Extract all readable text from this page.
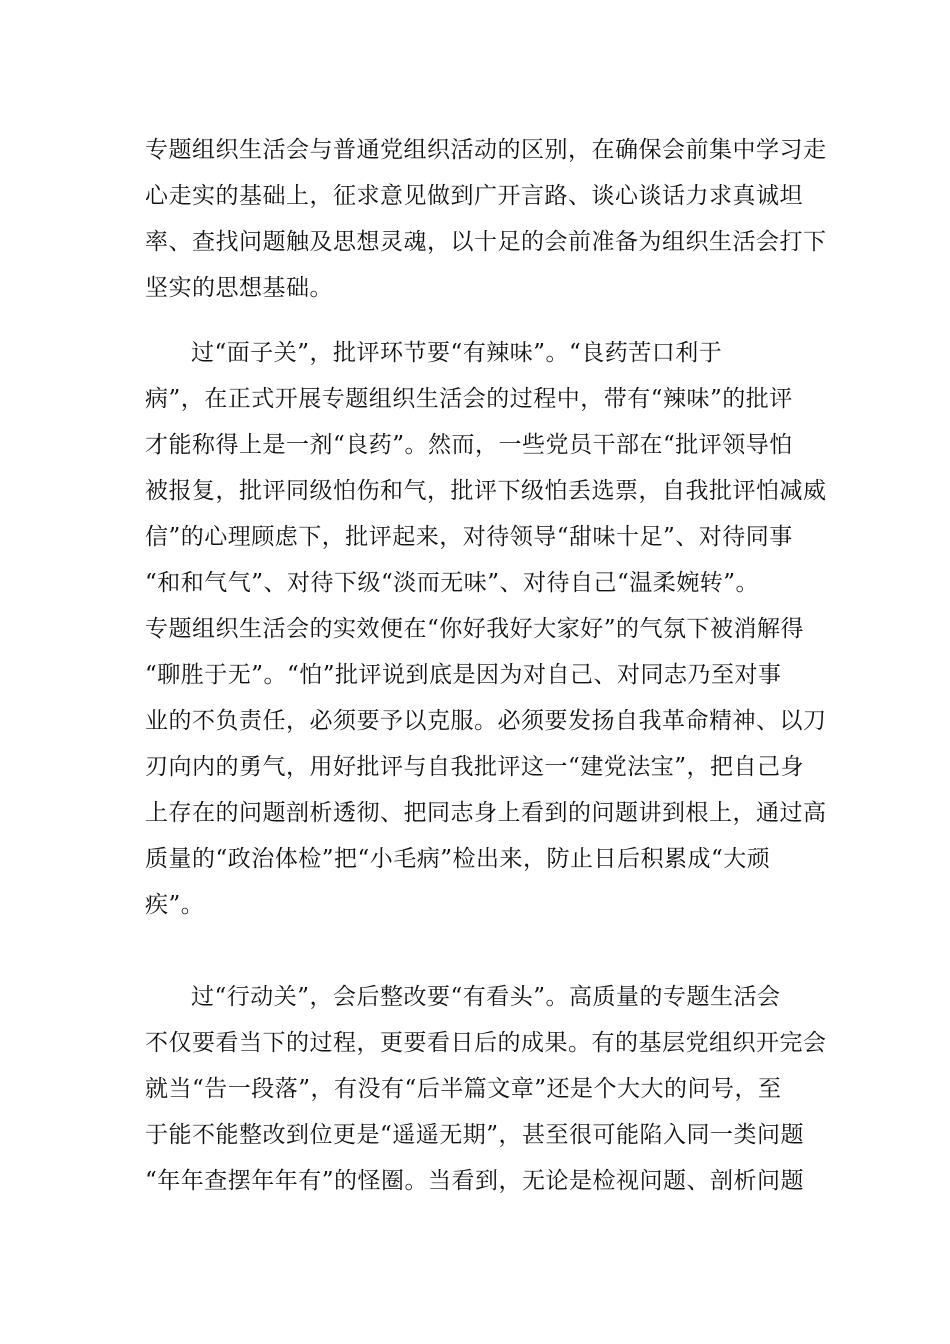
专题组织生活会与普通党组织活动的区别，在确保会前集中学习走
心走实的基础上，征求意见做到广开言路、谈心谈话力求真诚坦
率、查找问题触及思想灵魂，以十足的会前准备为组织生活会打下
坚实的思想基础。
过“面子关”，批评环节要“有辣味”。“良药苦口利于
病”，在正式开展专题组织生活会的过程中，带有“辣味”的批评
才能称得上是一剂“良药”。然而，一些党员干部在“批评领导怕
被报复，批评同级怕伤和气，批评下级怕丢选票，自我批评怕减威
信”的心理顾虑下，批评起来，对待领导“甜味十足”、对待同事
“和和气气”、对待下级“淡而无味”、对待自己“温柔婉转”。
专题组织生活会的实效便在“你好我好大家好”的气氛下被消解得
“聊胜于无”。“怕”批评说到底是因为对自己、对同志乃至对事
业的不负责任，必须要予以克服。必须要发扬自我革命精神、以刀
刃向内的勇气，用好批评与自我批评这一“建党法宝”，把自己身
上存在的问题剖析透彻、把同志身上看到的问题讲到根上，通过高
质量的“政治体检”把“小毛病”检出来，防止日后积累成“大顽
疾”。
过“行动关”，会后整改要“有看头”。高质量的专题生活会
不仅要看当下的过程，更要看日后的成果。有的基层党组织开完会
就当“告一段落”，有没有“后半篇文章”还是个大大的问号，至
于能不能整改到位更是“遥遥无期”，甚至很可能陷入同一类问题
“年年查摆年年有”的怪圈。当看到，无论是检视问题、剖析问题
